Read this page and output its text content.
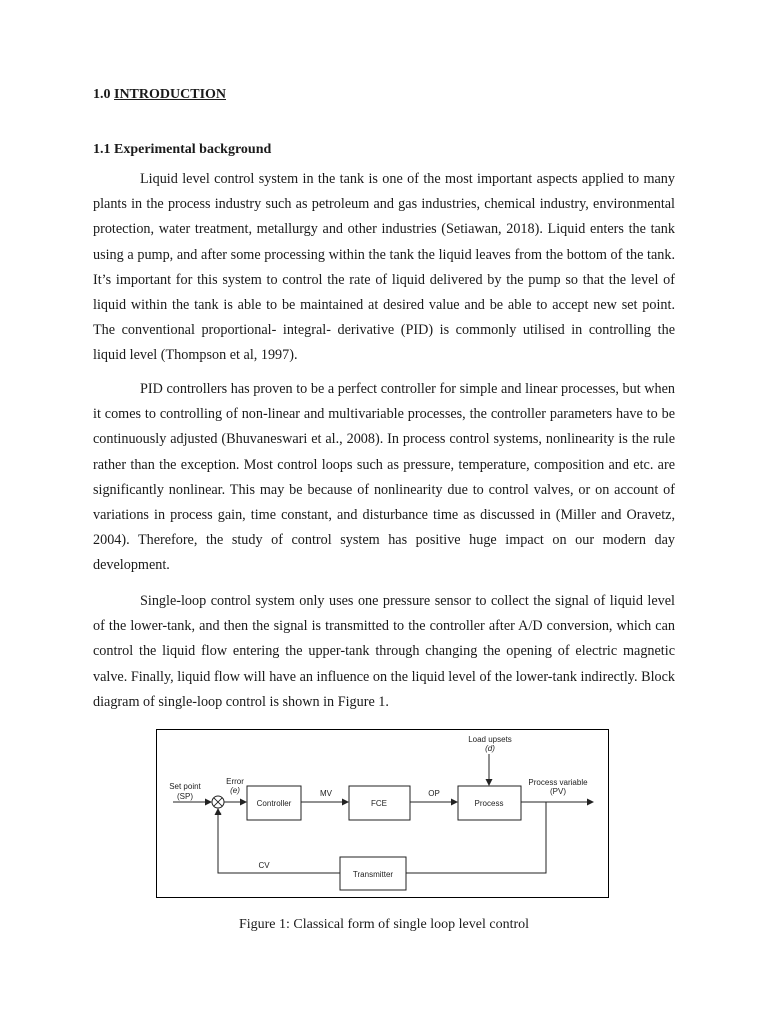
1.0 INTRODUCTION

1.1 Experimental background

Liquid level control system in the tank is one of the most important aspects applied to many plants in the process industry such as petroleum and gas industries, chemical industry, environmental protection, water treatment, metallurgy and other industries (Setiawan, 2018). Liquid enters the tank using a pump, and after some processing within the tank the liquid leaves from the bottom of the tank. It’s important for this system to control the rate of liquid delivered by the pump so that the level of liquid within the tank is able to be maintained at desired value and be able to accept new set point. The conventional proportional- integral- derivative (PID) is commonly utilised in controlling the liquid level (Thompson et al, 1997).

PID controllers has proven to be a perfect controller for simple and linear processes, but when it comes to controlling of non-linear and multivariable processes, the controller parameters have to be continuously adjusted (Bhuvaneswari et al., 2008). In process control systems, nonlinearity is the rule rather than the exception. Most control loops such as pressure, temperature, composition and etc. are significantly nonlinear. This may be because of nonlinearity due to control valves, or on account of variations in process gain, time constant, and disturbance time as discussed in (Miller and Oravetz, 2004). Therefore, the study of control system has positive huge impact on our modern day development.

Single-loop control system only uses one pressure sensor to collect the signal of liquid level of the lower-tank, and then the signal is transmitted to the controller after A/D conversion, which can control the liquid flow entering the upper-tank through changing the opening of electric magnetic valve. Finally, liquid flow will have an influence on the liquid level of the lower-tank indirectly. Block diagram of single-loop control is shown in Figure 1.

Set point
(SP)
Error
(e)
−
Controller
MV
FCE
OP
Process
Load upsets
(d)
Process variable
(PV)
Transmitter
CV

Figure 1: Classical form of single loop level control
